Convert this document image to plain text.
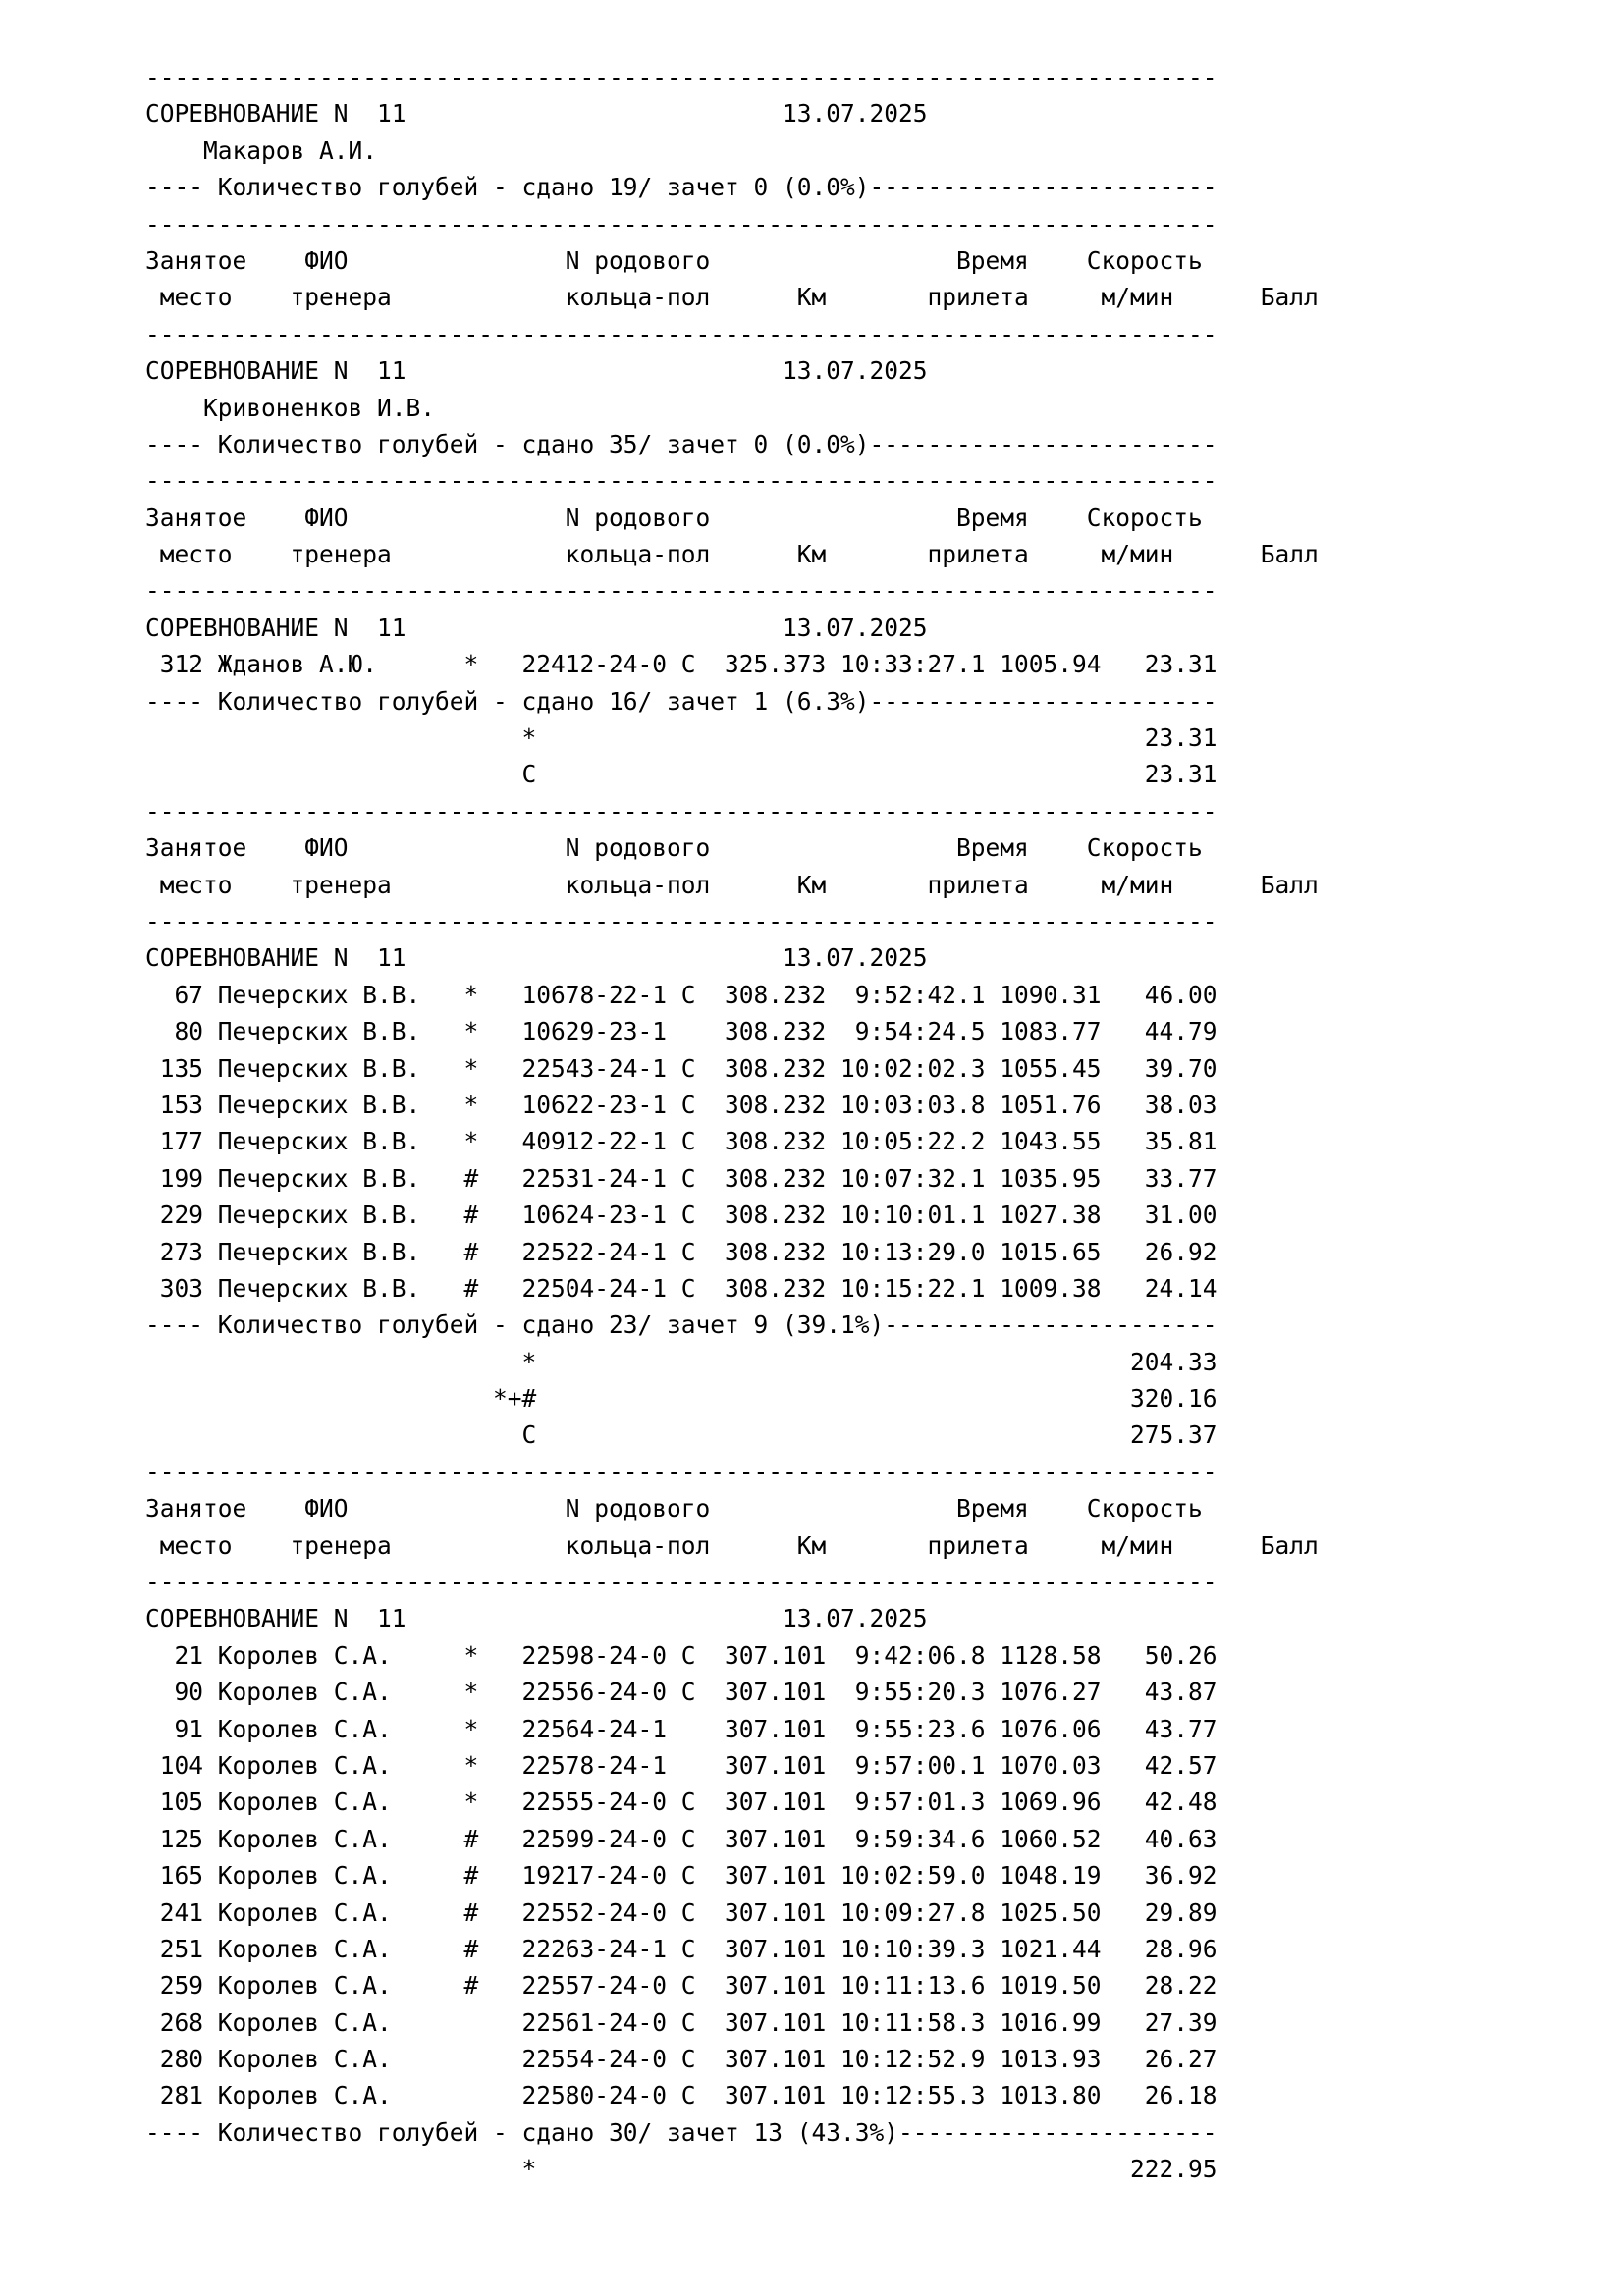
--------------------------------------------------------------------------
СОРЕВНОВАНИЕ N  11                          13.07.2025
Макаров А.И.
---- Количество голубей - сдано 19/ зачет 0 (0.0%)------------------------
--------------------------------------------------------------------------
Занятое    ФИО               N родового                 Время    Скорость
место    тренера            кольца-пол      Км       прилета     м/мин      Балл
--------------------------------------------------------------------------
СОРЕВНОВАНИЕ N  11                          13.07.2025
Кривоненков И.В.
---- Количество голубей - сдано 35/ зачет 0 (0.0%)------------------------
--------------------------------------------------------------------------
Занятое    ФИО               N родового                 Время    Скорость
место    тренера            кольца-пол      Км       прилета     м/мин      Балл
--------------------------------------------------------------------------
СОРЕВНОВАНИЕ N  11                          13.07.2025
312 Жданов А.Ю.      *   22412-24-0 С  325.373 10:33:27.1 1005.94   23.31
---- Количество голубей - сдано 16/ зачет 1 (6.3%)------------------------
*                                          23.31
С                                          23.31
--------------------------------------------------------------------------
Занятое    ФИО               N родового                 Время    Скорость
место    тренера            кольца-пол      Км       прилета     м/мин      Балл
--------------------------------------------------------------------------
СОРЕВНОВАНИЕ N  11                          13.07.2025
67 Печерских В.В.   *   10678-22-1 С  308.232  9:52:42.1 1090.31   46.00
80 Печерских В.В.   *   10629-23-1    308.232  9:54:24.5 1083.77   44.79
135 Печерских В.В.   *   22543-24-1 С  308.232 10:02:02.3 1055.45   39.70
153 Печерских В.В.   *   10622-23-1 С  308.232 10:03:03.8 1051.76   38.03
177 Печерских В.В.   *   40912-22-1 С  308.232 10:05:22.2 1043.55   35.81
199 Печерских В.В.   #   22531-24-1 С  308.232 10:07:32.1 1035.95   33.77
229 Печерских В.В.   #   10624-23-1 С  308.232 10:10:01.1 1027.38   31.00
273 Печерских В.В.   #   22522-24-1 С  308.232 10:13:29.0 1015.65   26.92
303 Печерских В.В.   #   22504-24-1 С  308.232 10:15:22.1 1009.38   24.14
---- Количество голубей - сдано 23/ зачет 9 (39.1%)-----------------------
*                                         204.33
*+#                                         320.16
С                                         275.37
--------------------------------------------------------------------------
Занятое    ФИО               N родового                 Время    Скорость
место    тренера            кольца-пол      Км       прилета     м/мин      Балл
--------------------------------------------------------------------------
СОРЕВНОВАНИЕ N  11                          13.07.2025
21 Королев С.А.     *   22598-24-0 С  307.101  9:42:06.8 1128.58   50.26
90 Королев С.А.     *   22556-24-0 С  307.101  9:55:20.3 1076.27   43.87
91 Королев С.А.     *   22564-24-1    307.101  9:55:23.6 1076.06   43.77
104 Королев С.А.     *   22578-24-1    307.101  9:57:00.1 1070.03   42.57
105 Королев С.А.     *   22555-24-0 С  307.101  9:57:01.3 1069.96   42.48
125 Королев С.А.     #   22599-24-0 С  307.101  9:59:34.6 1060.52   40.63
165 Королев С.А.     #   19217-24-0 С  307.101 10:02:59.0 1048.19   36.92
241 Королев С.А.     #   22552-24-0 С  307.101 10:09:27.8 1025.50   29.89
251 Королев С.А.     #   22263-24-1 С  307.101 10:10:39.3 1021.44   28.96
259 Королев С.А.     #   22557-24-0 С  307.101 10:11:13.6 1019.50   28.22
268 Королев С.А.         22561-24-0 С  307.101 10:11:58.3 1016.99   27.39
280 Королев С.А.         22554-24-0 С  307.101 10:12:52.9 1013.93   26.27
281 Королев С.А.         22580-24-0 С  307.101 10:12:55.3 1013.80   26.18
---- Количество голубей - сдано 30/ зачет 13 (43.3%)----------------------
*                                         222.95
